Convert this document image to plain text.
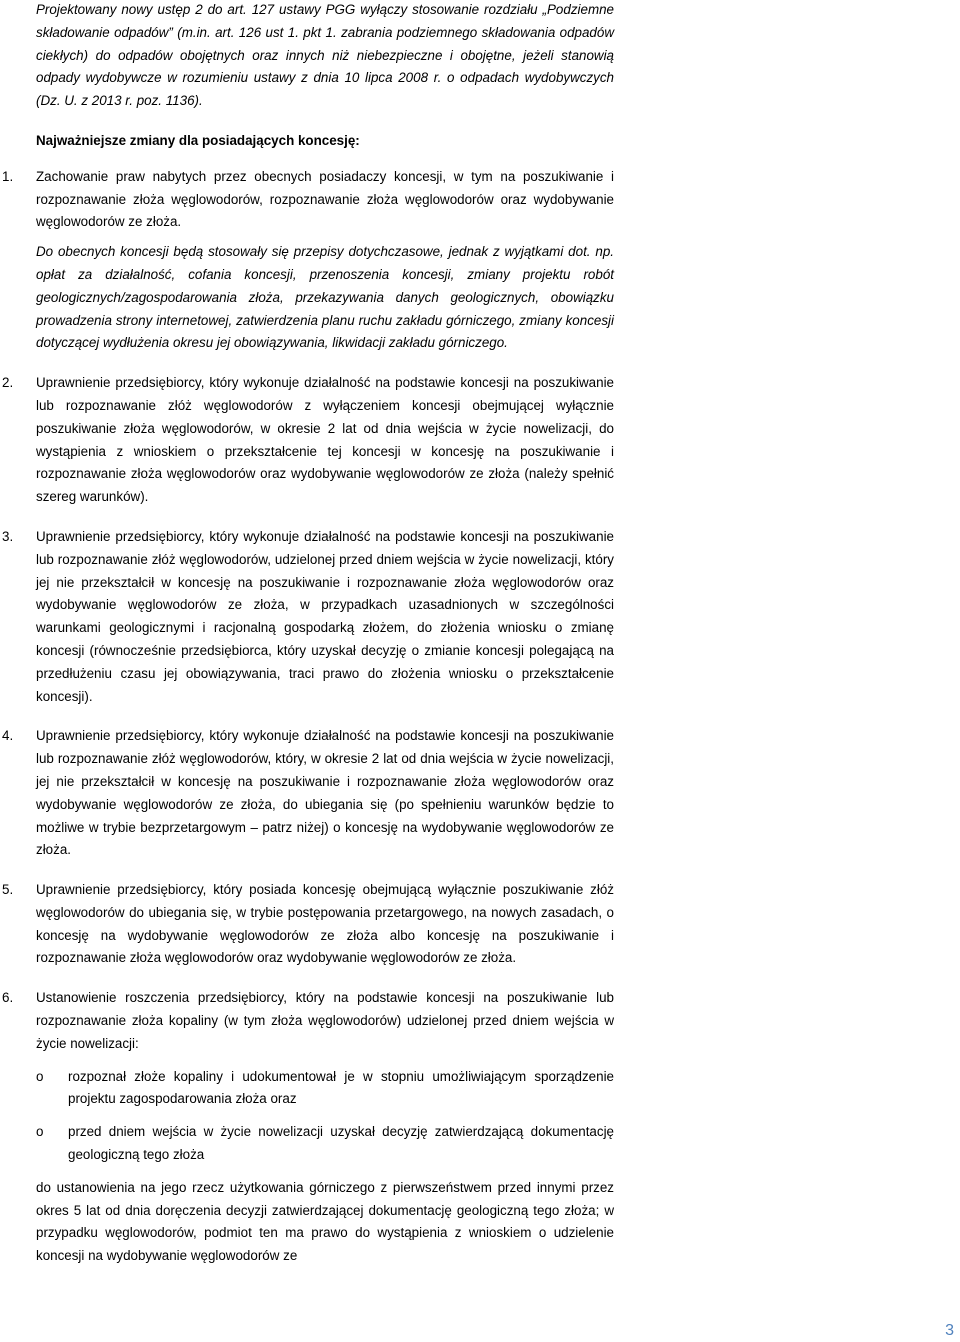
Projektowany nowy ustęp 2 do art. 127 ustawy PGG wyłączy stosowanie rozdziału „Podziemne składowanie odpadów” (m.in. art. 126 ust 1. pkt 1. zabrania podziemnego składowania odpadów ciekłych) do odpadów obojętnych oraz innych niż niebezpieczne i obojętne, jeżeli stanowią odpady wydobywcze w rozumieniu ustawy z dnia 10 lipca 2008 r. o odpadach wydobywczych (Dz. U. z 2013 r. poz. 1136).

Najważniejsze zmiany dla posiadających koncesję:

1. Zachowanie praw nabytych przez obecnych posiadaczy koncesji, w tym na poszukiwanie i rozpoznawanie złoża węglowodorów, rozpoznawanie złoża węglowodorów oraz wydobywanie węglowodorów ze złoża.

Do obecnych koncesji będą stosowały się przepisy dotychczasowe, jednak z wyjątkami dot. np. opłat za działalność, cofania koncesji, przenoszenia koncesji, zmiany projektu robót geologicznych/zagospodarowania złoża, przekazywania danych geologicznych, obowiązku prowadzenia strony internetowej, zatwierdzenia planu ruchu zakładu górniczego, zmiany koncesji dotyczącej wydłużenia okresu jej obowiązywania, likwidacji zakładu górniczego.

2. Uprawnienie przedsiębiorcy, który wykonuje działalność na podstawie koncesji na poszukiwanie lub rozpoznawanie złóż węglowodorów z wyłączeniem koncesji obejmującej wyłącznie poszukiwanie złoża węglowodorów, w okresie 2 lat od dnia wejścia w życie nowelizacji, do wystąpienia z wnioskiem o przekształcenie tej koncesji w koncesję na poszukiwanie i rozpoznawanie złoża węglowodorów oraz wydobywanie węglowodorów ze złoża (należy spełnić szereg warunków).

3. Uprawnienie przedsiębiorcy, który wykonuje działalność na podstawie koncesji na poszukiwanie lub rozpoznawanie złóż węglowodorów, udzielonej przed dniem wejścia w życie nowelizacji, który jej nie przekształcił w koncesję na poszukiwanie i rozpoznawanie złoża węglowodorów oraz wydobywanie węglowodorów ze złoża, w przypadkach uzasadnionych w szczególności warunkami geologicznymi i racjonalną gospodarką złożem, do złożenia wniosku o zmianę koncesji (równocześnie przedsiębiorca, który uzyskał decyzję o zmianie koncesji polegającą na przedłużeniu czasu jej obowiązywania, traci prawo do złożenia wniosku o przekształcenie koncesji).

4. Uprawnienie przedsiębiorcy, który wykonuje działalność na podstawie koncesji na poszukiwanie lub rozpoznawanie złóż węglowodorów, który, w okresie 2 lat od dnia wejścia w życie nowelizacji, jej nie przekształcił w koncesję na poszukiwanie i rozpoznawanie złoża węglowodorów oraz wydobywanie węglowodorów ze złoża, do ubiegania się (po spełnieniu warunków będzie to możliwe w trybie bezprzetargowym – patrz niżej) o koncesję na wydobywanie węglowodorów ze złoża.

5. Uprawnienie przedsiębiorcy, który posiada koncesję obejmującą wyłącznie poszukiwanie złóż węglowodorów do ubiegania się, w trybie postępowania przetargowego, na nowych zasadach, o koncesję na wydobywanie węglowodorów ze złoża albo koncesję na poszukiwanie i rozpoznawanie złoża węglowodorów oraz wydobywanie węglowodorów ze złoża.

6. Ustanowienie roszczenia przedsiębiorcy, który na podstawie koncesji na poszukiwanie lub rozpoznawanie złoża kopaliny (w tym złoża węglowodorów) udzielonej przed dniem wejścia w życie nowelizacji:

o rozpoznał złoże kopaliny i udokumentował je w stopniu umożliwiającym sporządzenie projektu zagospodarowania złoża oraz

o przed dniem wejścia w życie nowelizacji uzyskał decyzję zatwierdzającą dokumentację geologiczną tego złoża

do ustanowienia na jego rzecz użytkowania górniczego z pierwszeństwem przed innymi przez okres 5 lat od dnia doręczenia decyzji zatwierdzającej dokumentację geologiczną tego złoża; w przypadku węglowodorów, podmiot ten ma prawo do wystąpienia z wnioskiem o udzielenie koncesji na wydobywanie węglowodorów ze

3
